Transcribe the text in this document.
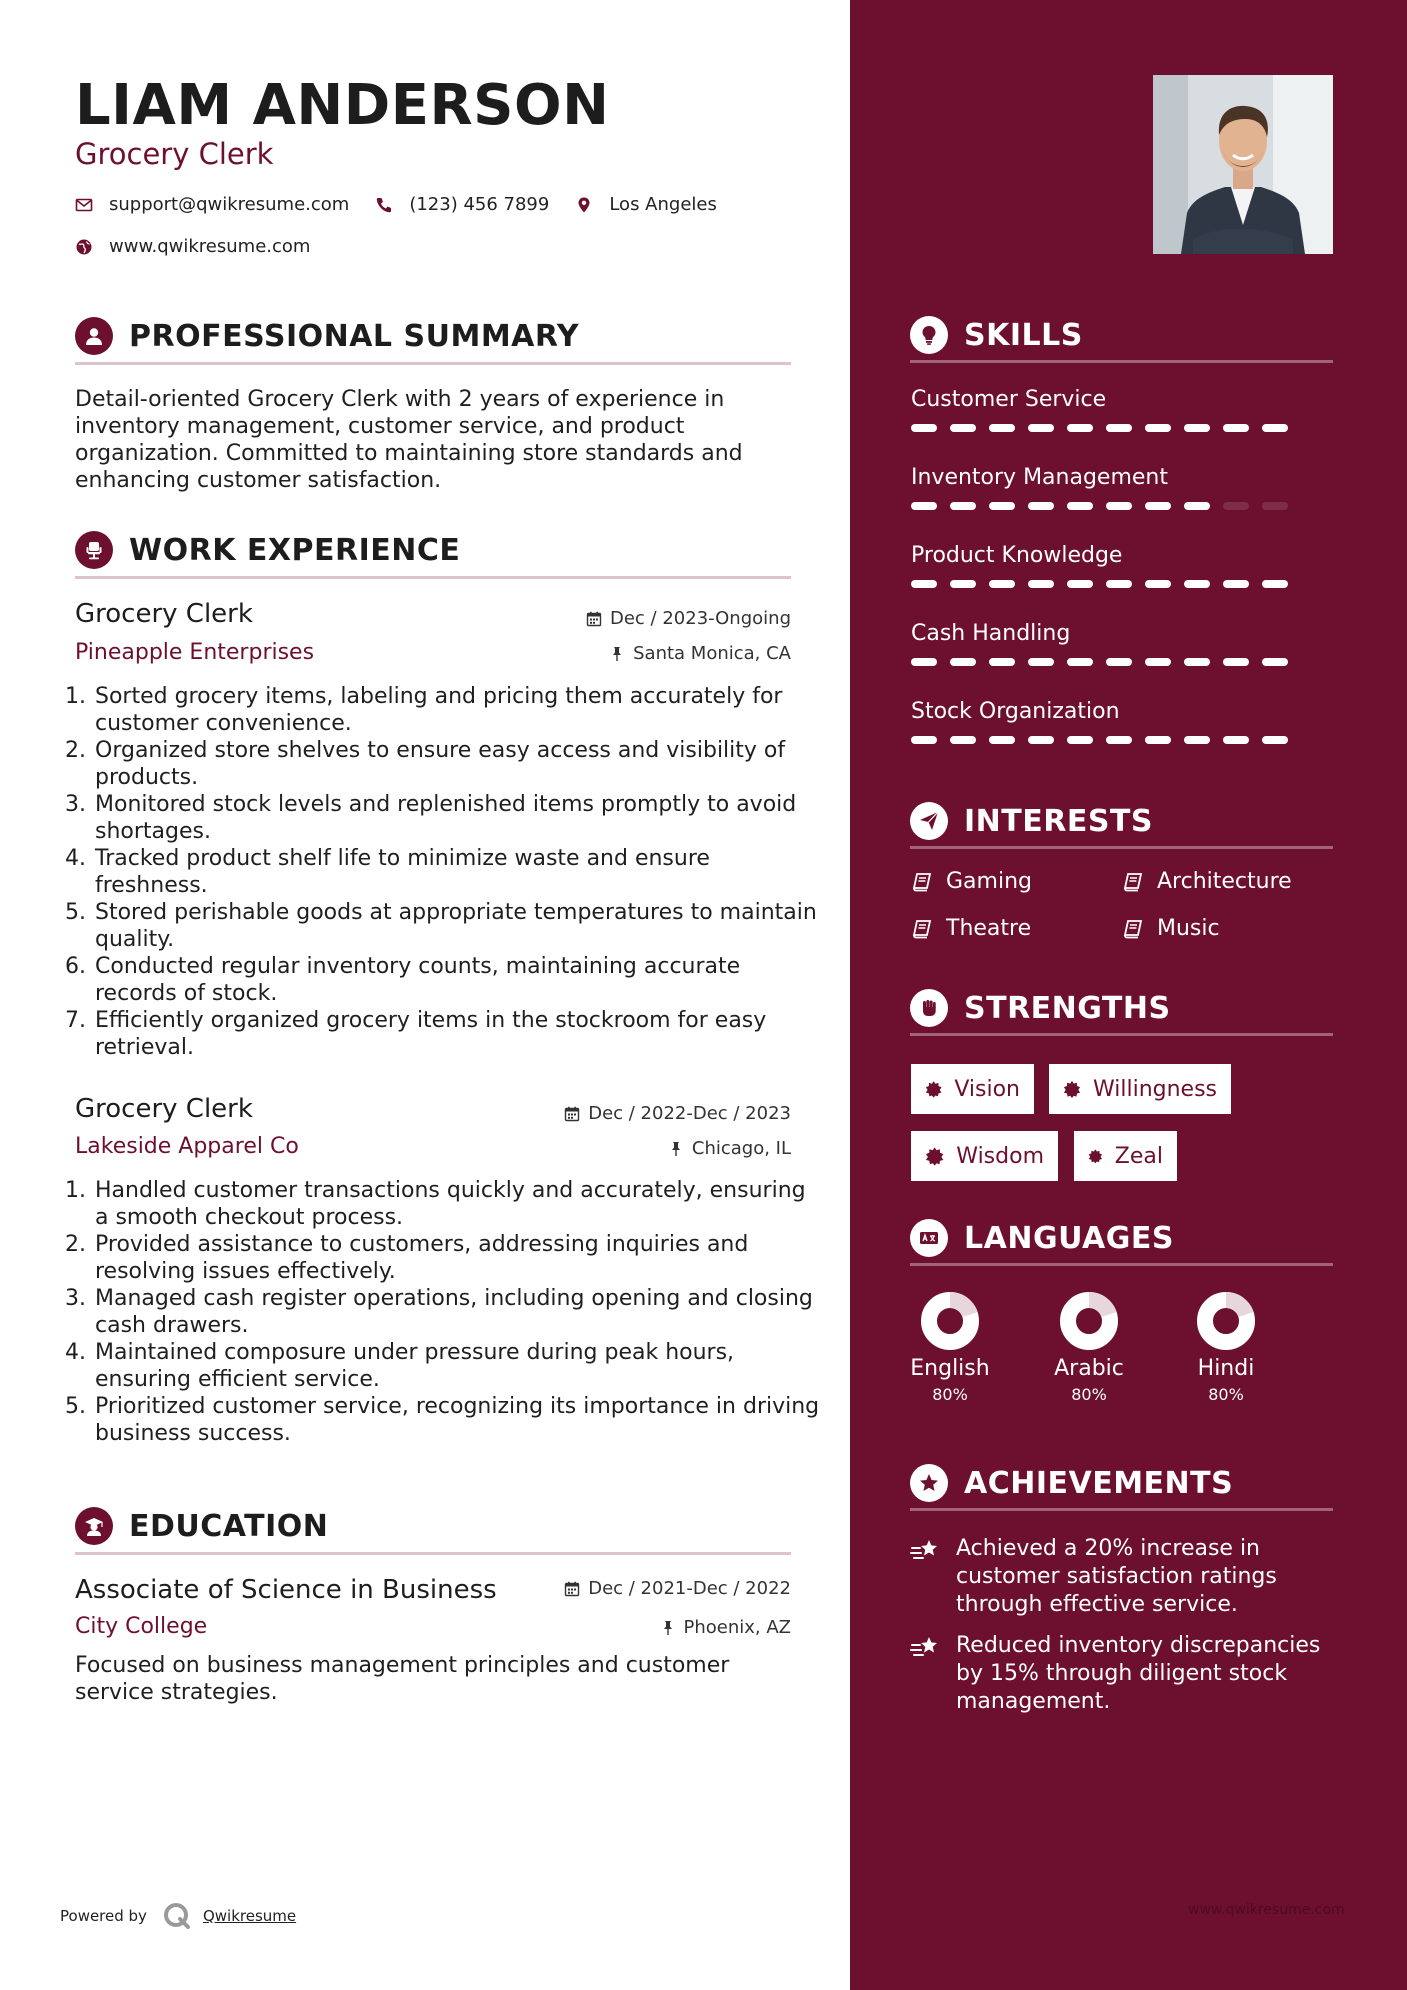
LIAM ANDERSON
Grocery Clerk
support@qwikresume.com	(123) 456 7899	Los Angeles
www.qwikresume.com
PROFESSIONAL SUMMARY
Detail-oriented Grocery Clerk with 2 years of experience in inventory management, customer service, and product organization. Committed to maintaining store standards and enhancing customer satisfaction.
WORK EXPERIENCE
Grocery Clerk	Dec / 2023-Ongoing
Pineapple Enterprises	Santa Monica, CA
1. Sorted grocery items, labeling and pricing them accurately for customer convenience.
2. Organized store shelves to ensure easy access and visibility of products.
3. Monitored stock levels and replenished items promptly to avoid shortages.
4. Tracked product shelf life to minimize waste and ensure freshness.
5. Stored perishable goods at appropriate temperatures to maintain quality.
6. Conducted regular inventory counts, maintaining accurate records of stock.
7. Efficiently organized grocery items in the stockroom for easy retrieval.
Grocery Clerk	Dec / 2022-Dec / 2023
Lakeside Apparel Co	Chicago, IL
1. Handled customer transactions quickly and accurately, ensuring a smooth checkout process.
2. Provided assistance to customers, addressing inquiries and resolving issues effectively.
3. Managed cash register operations, including opening and closing cash drawers.
4. Maintained composure under pressure during peak hours, ensuring efficient service.
5. Prioritized customer service, recognizing its importance in driving business success.
EDUCATION
Associate of Science in Business	Dec / 2021-Dec / 2022
City College	Phoenix, AZ
Focused on business management principles and customer service strategies.
Powered by	Qwikresume
SKILLS
Customer Service
Inventory Management
Product Knowledge
Cash Handling
Stock Organization
INTERESTS
Gaming	Architecture
Theatre	Music
STRENGTHS
Vision	Willingness
Wisdom	Zeal
LANGUAGES
English
80%
Arabic
80%
Hindi
80%
ACHIEVEMENTS
Achieved a 20% increase in customer satisfaction ratings through effective service.
Reduced inventory discrepancies by 15% through diligent stock management.
www.qwikresume.com
